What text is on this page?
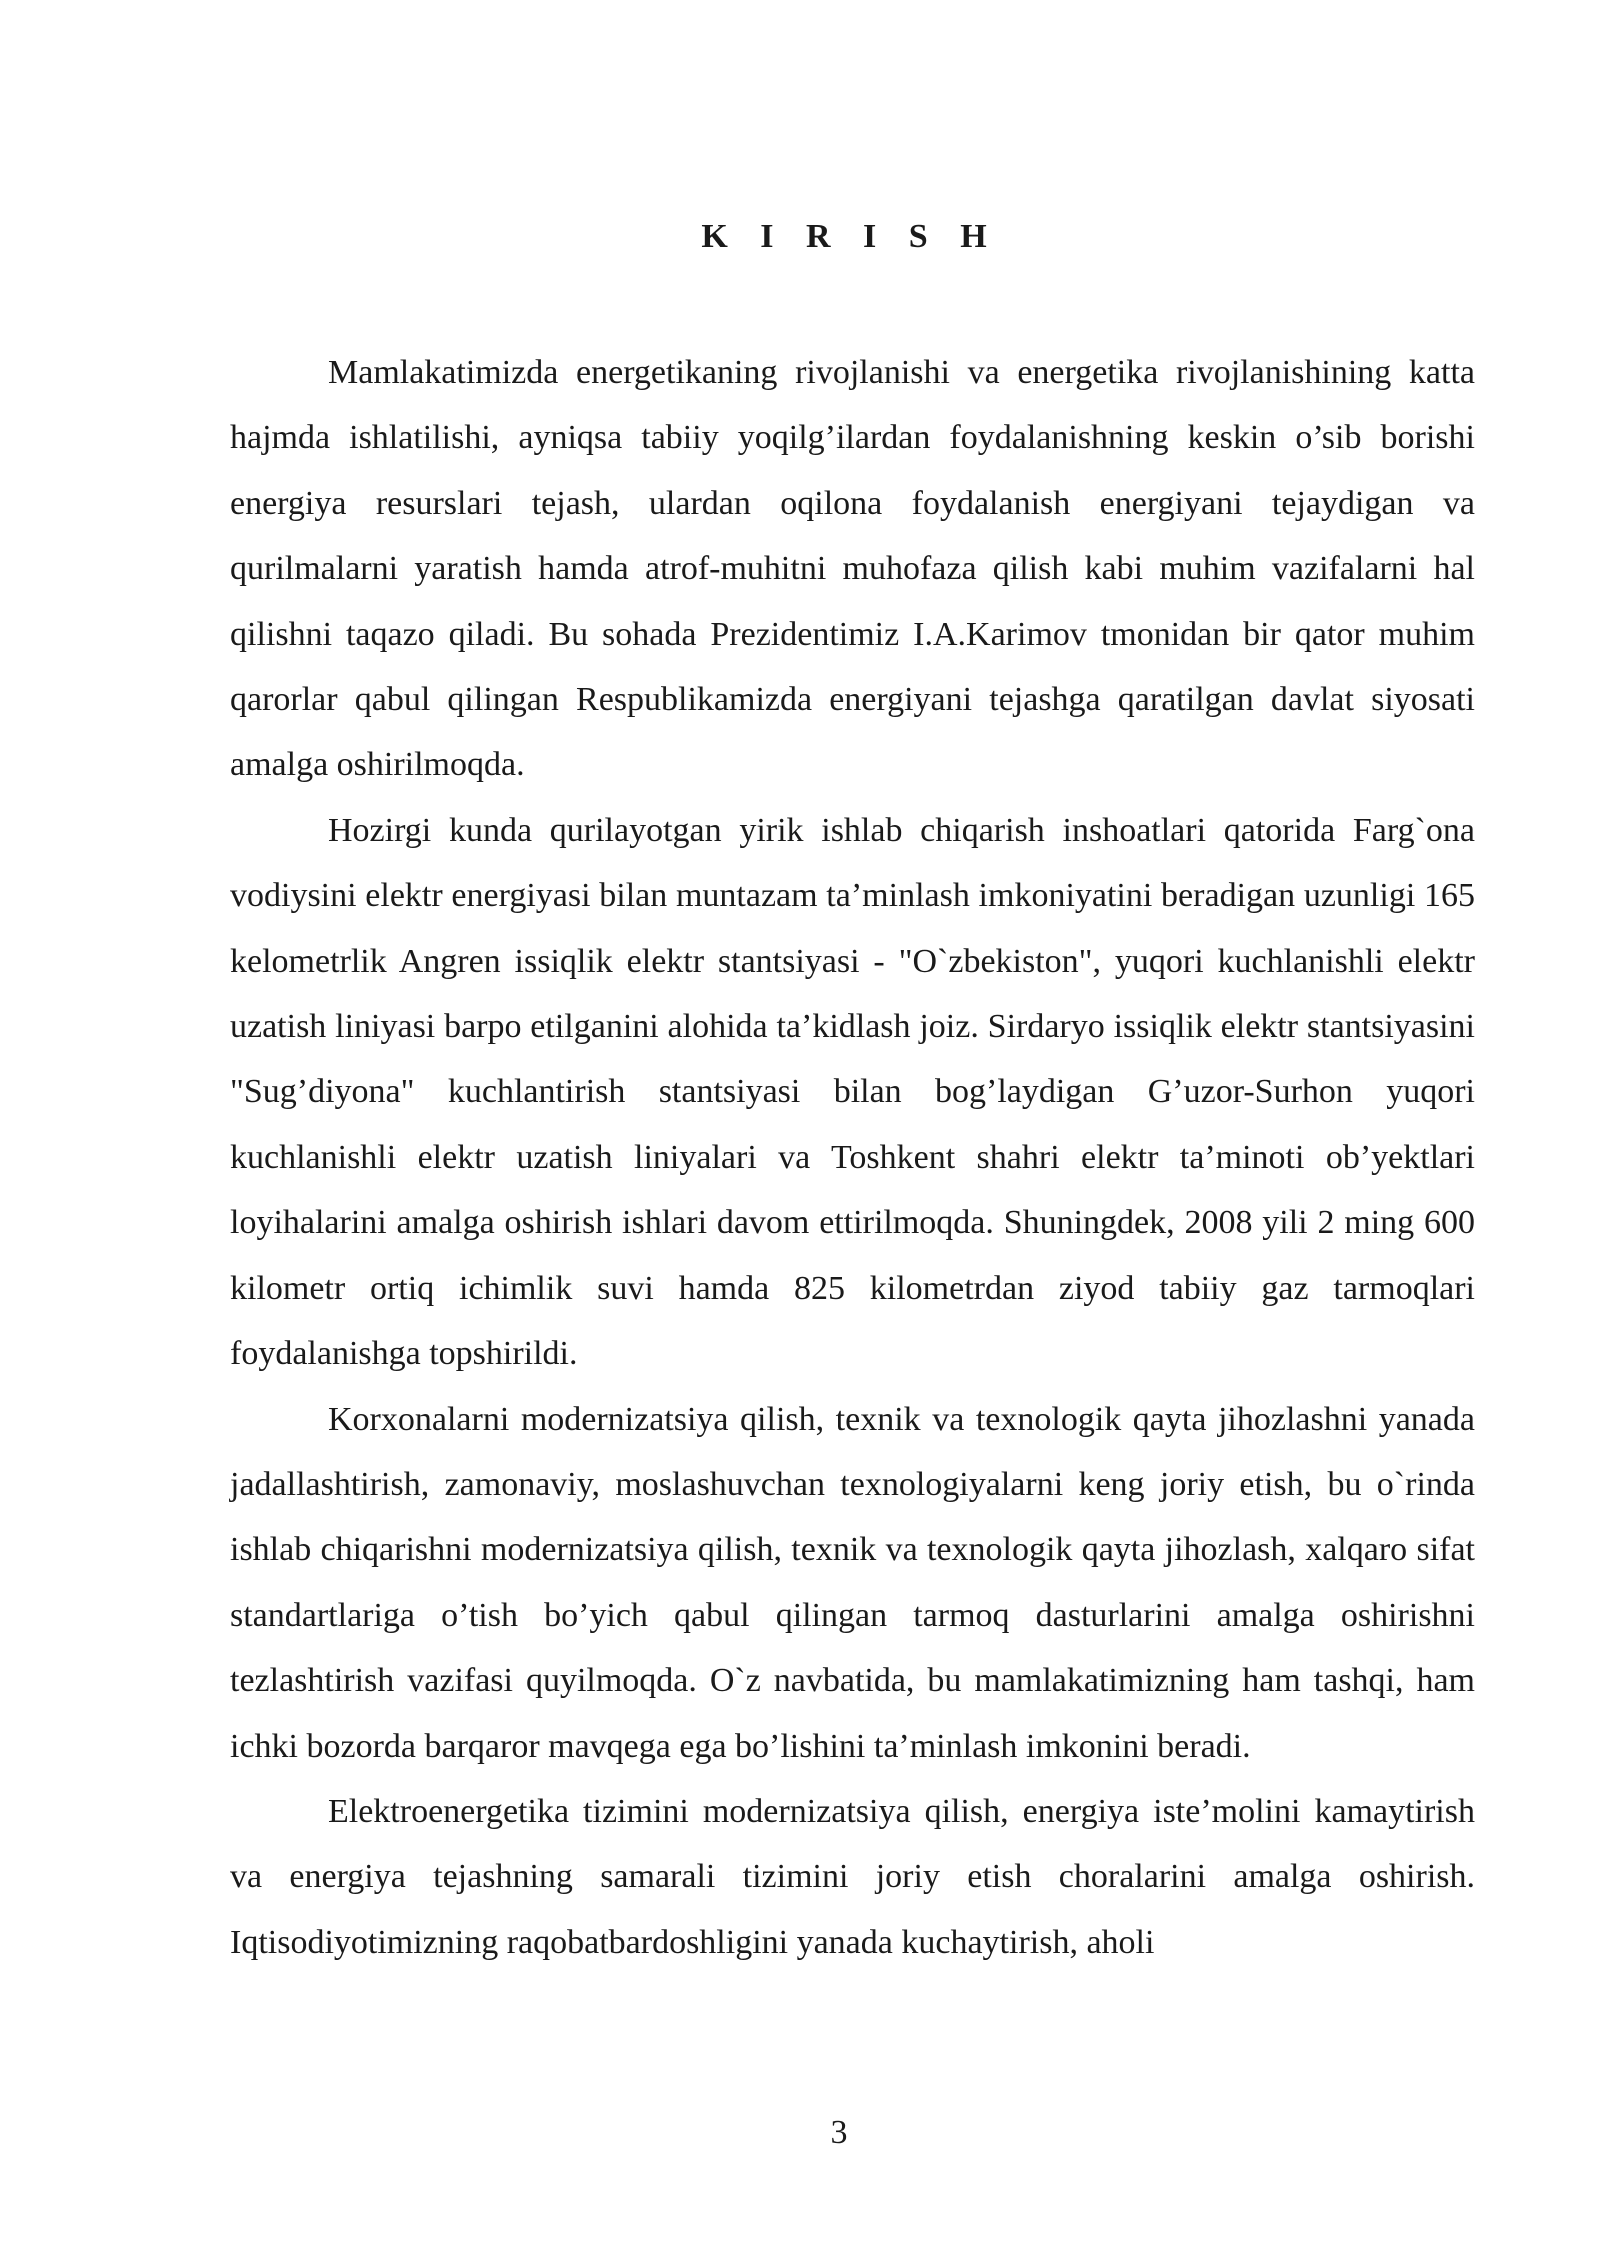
K I R I S H

Mamlakatimizda energetikaning rivojlanishi va energetika rivojlanishining katta hajmda ishlatilishi, ayniqsa tabiiy yoqilg’ilardan foydalanishning keskin o’sib borishi energiya resurslari tejash, ulardan oqilona foydalanish energiyani tejaydigan va qurilmalarni yaratish hamda atrof-muhitni muhofaza qilish kabi muhim vazifalarni hal qilishni taqazo qiladi. Bu sohada Prezidentimiz I.A.Karimov tmonidan bir qator muhim qarorlar qabul qilingan Respublikamizda energiyani tejashga qaratilgan davlat siyosati amalga oshirilmoqda.

Hozirgi kunda qurilayotgan yirik ishlab chiqarish inshoatlari qatorida Farg`ona vodiysini elektr energiyasi bilan muntazam ta’minlash imkoniyatini beradigan uzunligi 165 kelometrlik Angren issiqlik elektr stantsiyasi - "O`zbekiston", yuqori kuchlanishli elektr uzatish liniyasi barpo etilganini alohida ta’kidlash joiz. Sirdaryo issiqlik elektr stantsiyasini "Sug’diyona" kuchlantirish stantsiyasi bilan bog’laydigan G’uzor-Surhon yuqori kuchlanishli elektr uzatish liniyalari va Toshkent shahri elektr ta’minoti ob’yektlari loyihalarini amalga oshirish ishlari davom ettirilmoqda. Shuningdek, 2008 yili 2 ming 600 kilometr ortiq ichimlik suvi hamda 825 kilometrdan ziyod tabiiy gaz tarmoqlari foydalanishga topshirildi.

Korxonalarni modernizatsiya qilish, texnik va texnologik qayta jihozlashni yanada jadallashtirish, zamonaviy, moslashuvchan texnologiyalarni keng joriy etish, bu o`rinda ishlab chiqarishni modernizatsiya qilish, texnik va texnologik qayta jihozlash, xalqaro sifat standartlariga o’tish bo’yich qabul qilingan tarmoq dasturlarini amalga oshirishni tezlashtirish vazifasi quyilmoqda. O`z navbatida, bu mamlakatimizning ham tashqi, ham ichki bozorda barqaror mavqega ega bo’lishini ta’minlash imkonini beradi.

Elektroenergetika tizimini modernizatsiya qilish, energiya iste’molini kamaytirish va energiya tejashning samarali tizimini joriy etish choralarini amalga oshirish. Iqtisodiyotimizning raqobatbardoshligini yanada kuchaytirish, aholi

3
